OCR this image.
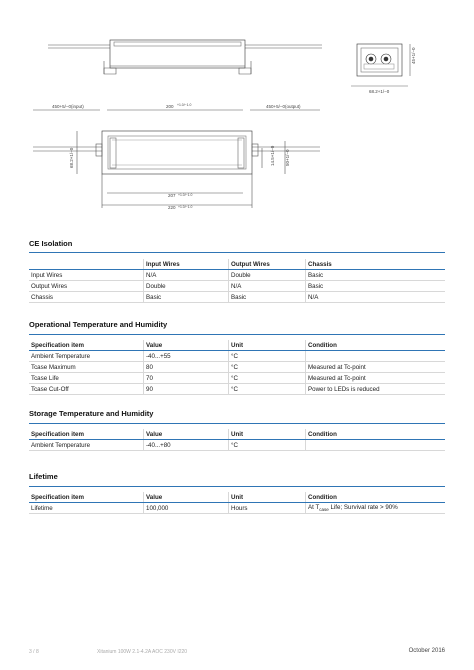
68.2+1/−0
45+1/−0
450+5/−0(input)	200 +1.0/−1.0	450+5/−0(output)
68.2+1/−0	14.5+1/−0 50+1/−0
207 +1.0/−1.0
220 +1.0/−1.0
CE Isolation
	Input Wires	Output Wires	Chassis
Input Wires	N/A	Double	Basic
Output Wires	Double	N/A	Basic
Chassis	Basic	Basic	N/A
Operational Temperature and Humidity
Specification item	Value	Unit	Condition
Ambient Temperature	-40...+55	°C	
Tcase Maximum	80	°C	Measured at Tc-point
Tcase Life	70	°C	Measured at Tc-point
Tcase Cut-Off	90	°C	Power to LEDs is reduced
Storage Temperature and Humidity
Specification item	Value	Unit	Condition
Ambient Temperature	-40...+80	°C	
Lifetime
Specification item	Value	Unit	Condition
Lifetime	100,000	Hours	At $T_{case}$ Life; Survival rate > 90%
3 / 8	Xitanium 100W 2.1-4.2A AOC 230V I220	October 2016
